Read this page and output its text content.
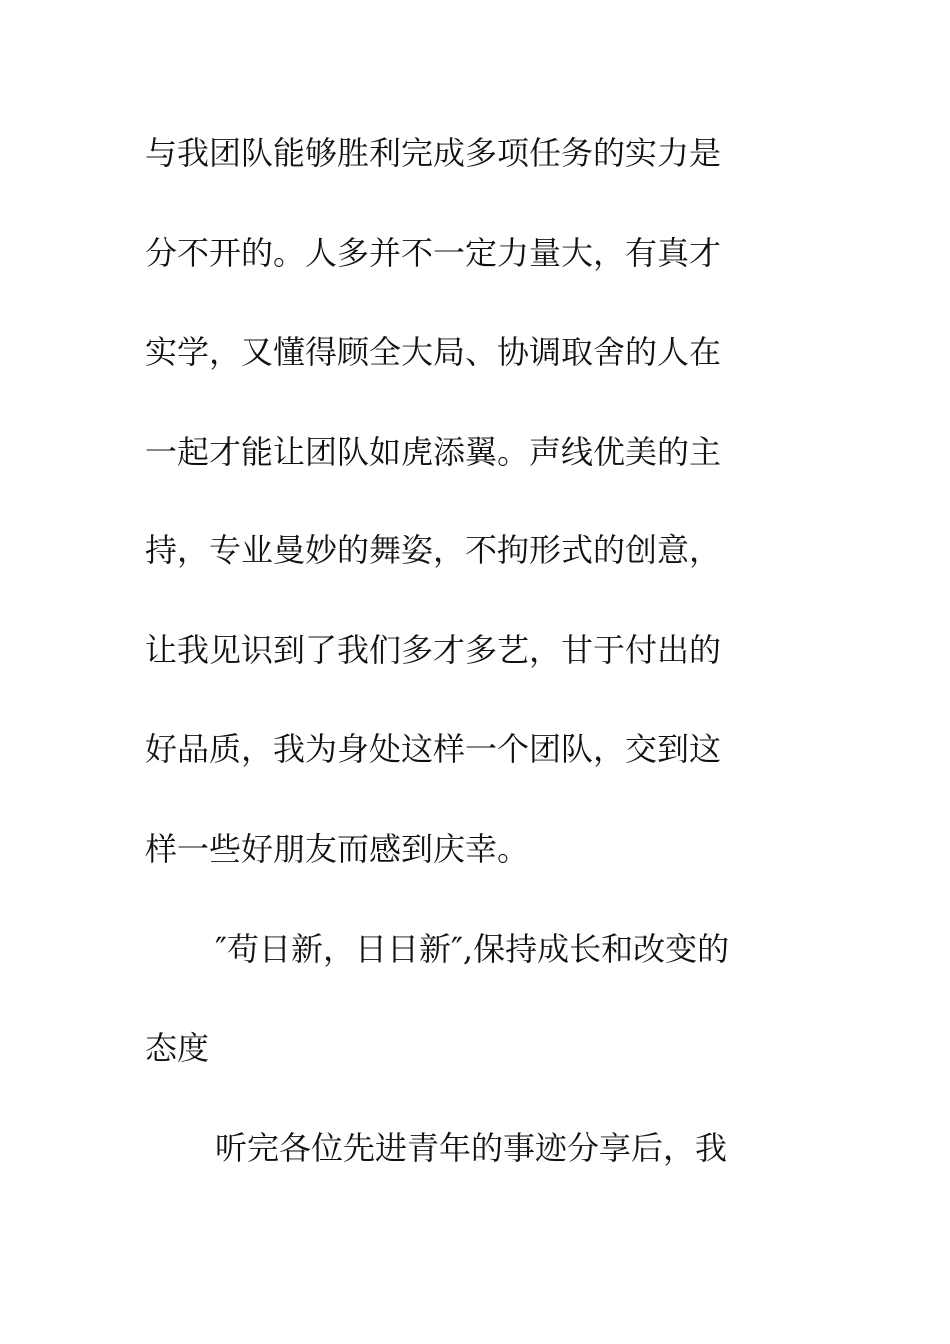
与我团队能够胜利完成多项任务的实力是
分不开的。人多并不一定力量大，有真才
实学，又懂得顾全大局、协调取舍的人在
一起才能让团队如虎添翼。声线优美的主
持，专业曼妙的舞姿，不拘形式的创意，
让我见识到了我们多才多艺，甘于付出的
好品质，我为身处这样一个团队，交到这
样一些好朋友而感到庆幸。
″苟日新，日日新″,保持成长和改变的
态度
听完各位先进青年的事迹分享后，我
